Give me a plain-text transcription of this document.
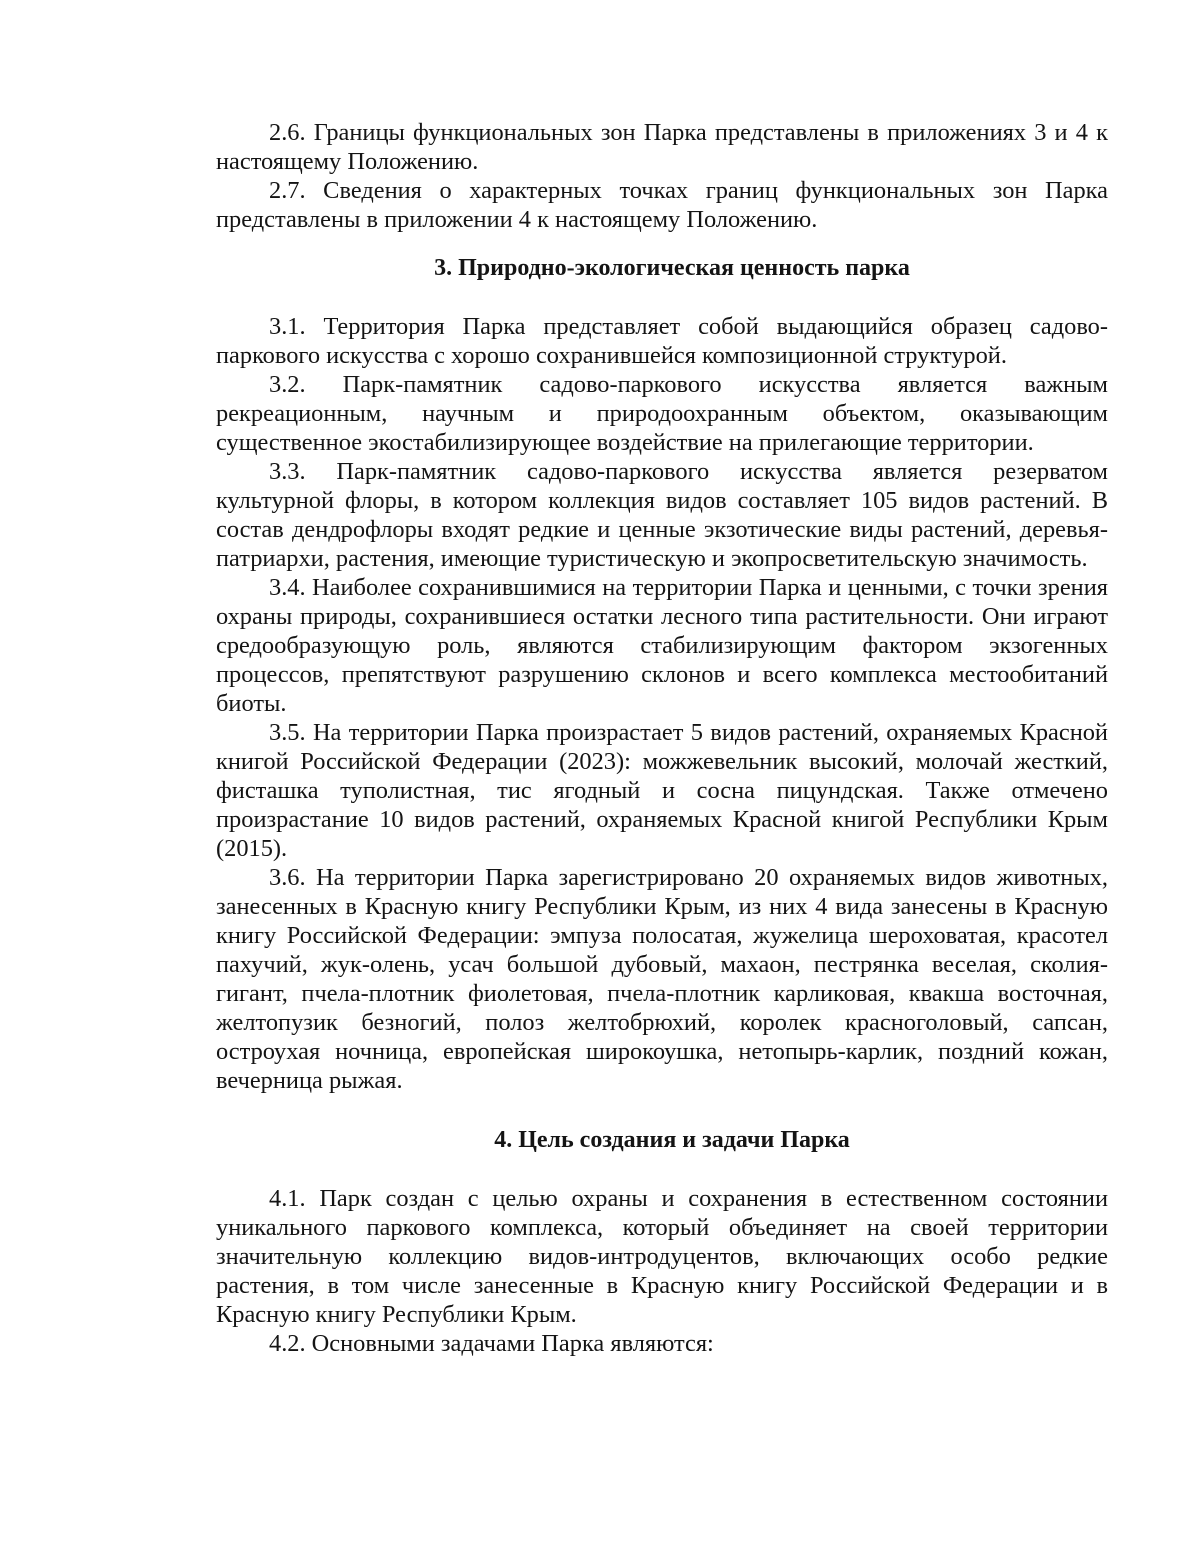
2.6. Границы функциональных зон Парка представлены в приложениях 3 и 4 к настоящему Положению.

2.7. Сведения о характерных точках границ функциональных зон Парка представлены в приложении 4 к настоящему Положению.

3. Природно-экологическая ценность парка

3.1. Территория Парка представляет собой выдающийся образец садово-паркового искусства с хорошо сохранившейся композиционной структурой.

3.2. Парк-памятник садово-паркового искусства является важным рекреационным, научным и природоохранным объектом, оказывающим существенное экостабилизирующее воздействие на прилегающие территории.

3.3. Парк-памятник садово-паркового искусства является резерватом культурной флоры, в котором коллекция видов составляет 105 видов растений. В состав дендрофлоры входят редкие и ценные экзотические виды растений, деревья-патриархи, растения, имеющие туристическую и экопросветительскую значимость.

3.4. Наиболее сохранившимися на территории Парка и ценными, с точки зрения охраны природы, сохранившиеся остатки лесного типа растительности. Они играют средообразующую роль, являются стабилизирующим фактором экзогенных процессов, препятствуют разрушению склонов и всего комплекса местообитаний биоты.

3.5. На территории Парка произрастает 5 видов растений, охраняемых Красной книгой Российской Федерации (2023): можжевельник высокий, молочай жесткий, фисташка туполистная, тис ягодный и сосна пицундская. Также отмечено произрастание 10 видов растений, охраняемых Красной книгой Республики Крым (2015).

3.6. На территории Парка зарегистрировано 20 охраняемых видов животных, занесенных в Красную книгу Республики Крым, из них 4 вида занесены в Красную книгу Российской Федерации: эмпуза полосатая, жужелица шероховатая, красотел пахучий, жук-олень, усач большой дубовый, махаон, пестрянка веселая, сколия-гигант, пчела-плотник фиолетовая, пчела-плотник карликовая, квакша восточная, желтопузик безногий, полоз желтобрюхий, королек красноголовый, сапсан, остроухая ночница, европейская широкоушка, нетопырь-карлик, поздний кожан, вечерница рыжая.

4. Цель создания и задачи Парка

4.1. Парк создан с целью охраны и сохранения в естественном состоянии уникального паркового комплекса, который объединяет на своей территории значительную коллекцию видов-интродуцентов, включающих особо редкие растения, в том числе занесенные в Красную книгу Российской Федерации и в Красную книгу Республики Крым.

4.2. Основными задачами Парка являются:
